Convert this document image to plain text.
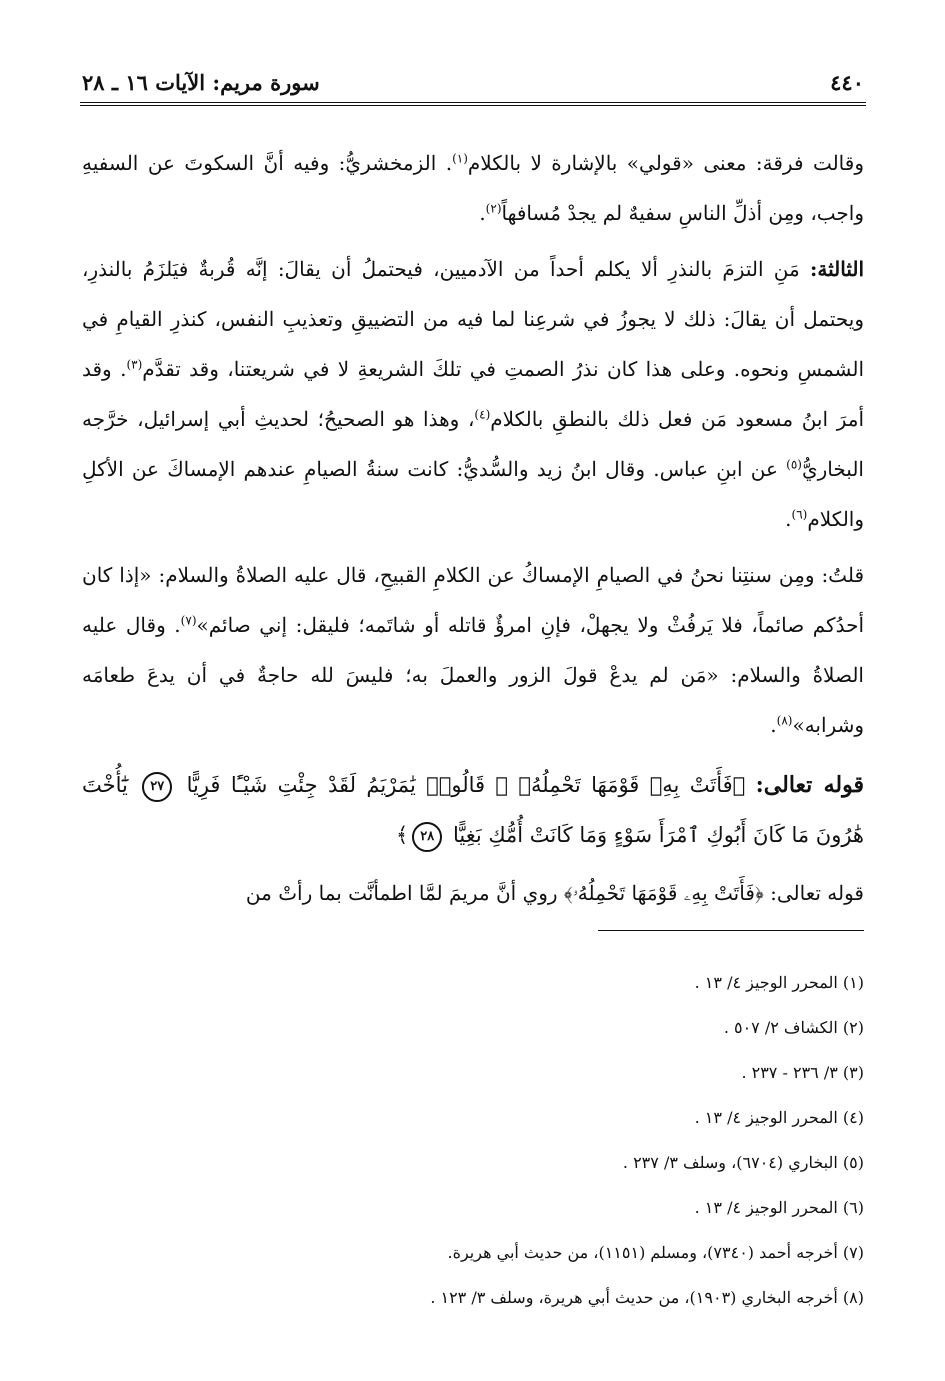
٤٤٠
سورة مريم: الآيات ١٦ ـ ٢٨

وقالت فرقة: معنى «قولي» بالإشارة لا بالكلام$^{(١)}$. الزمخشريُّ: وفيه أنَّ السكوتَ عن السفيهِ واجب، ومِن أذلِّ الناسِ سفيهٌ لم يجدْ مُسافهاً$^{(٢)}$.

الثالثة: مَنِ التزمَ بالنذرِ ألا يكلم أحداً من الآدميين، فيحتملُ أن يقالَ: إنَّه قُربةٌ فيَلزَمُ بالنذرِ، ويحتمل أن يقالَ: ذلك لا يجوزُ في شرعِنا لما فيه من التضييقِ وتعذيبِ النفس، كنذرِ القيامِ في الشمسِ ونحوه. وعلى هذا كان نذرُ الصمتِ في تلكَ الشريعةِ لا في شريعتنا، وقد تقدَّم$^{(٣)}$. وقد أمرَ ابنُ مسعود مَن فعل ذلك بالنطقِ بالكلام$^{(٤)}$، وهذا هو الصحيحُ؛ لحديثِ أبي إسرائيل، خرَّجه البخاريُّ$^{(٥)}$ عن ابنِ عباس. وقال ابنُ زيد والسُّديُّ: كانت سنةُ الصيامِ عندهم الإمساكَ عن الأكلِ والكلام$^{(٦)}$.

قلتُ: ومِن سنتِنا نحنُ في الصيامِ الإمساكُ عن الكلامِ القبيحِ، قال عليه الصلاةُ والسلام: «إذا كان أحدُكم صائماً، فلا يَرفُثْ ولا يجهلْ، فإنِ امرؤٌ قاتله أو شاتَمه؛ فليقل: إني صائم»$^{(٧)}$. وقال عليه الصلاةُ والسلام: «مَن لم يدعْ قولَ الزور والعملَ به؛ فليسَ لله حاجةٌ في أن يدعَ طعامَه وشرابه»$^{(٨)}$.

قوله تعالى: ﴿فَأَتَتْ بِهِۦ قَوْمَهَا تَحْمِلُهُۥ ۖ قَالُوا۟ يَٰمَرْيَمُ لَقَدْ جِئْتِ شَيْـًٔا فَرِيًّا ٢٧ يَٰٓأُخْتَ هَٰرُونَ مَا كَانَ أَبُوكِ ٱمْرَأَ سَوْءٍ وَمَا كَانَتْ أُمُّكِ بَغِيًّا ٢٨﴾

قوله تعالى: ﴿فَأَتَتْ بِهِۦ قَوْمَهَا تَحْمِلُهُۥ﴾ روي أنَّ مريمَ لمَّا اطمأنَّت بما رأتْ من

(١) المحرر الوجيز ٤/ ١٣ .
(٢) الكشاف ٢/ ٥٠٧ .
(٣) ٣/ ٢٣٦ - ٢٣٧ .
(٤) المحرر الوجيز ٤/ ١٣ .
(٥) البخاري (٦٧٠٤)، وسلف ٣/ ٢٣٧ .
(٦) المحرر الوجيز ٤/ ١٣ .
(٧) أخرجه أحمد (٧٣٤٠)، ومسلم (١١٥١)، من حديث أبي هريرة.
(٨) أخرجه البخاري (١٩٠٣)، من حديث أبي هريرة، وسلف ٣/ ١٢٣ .
